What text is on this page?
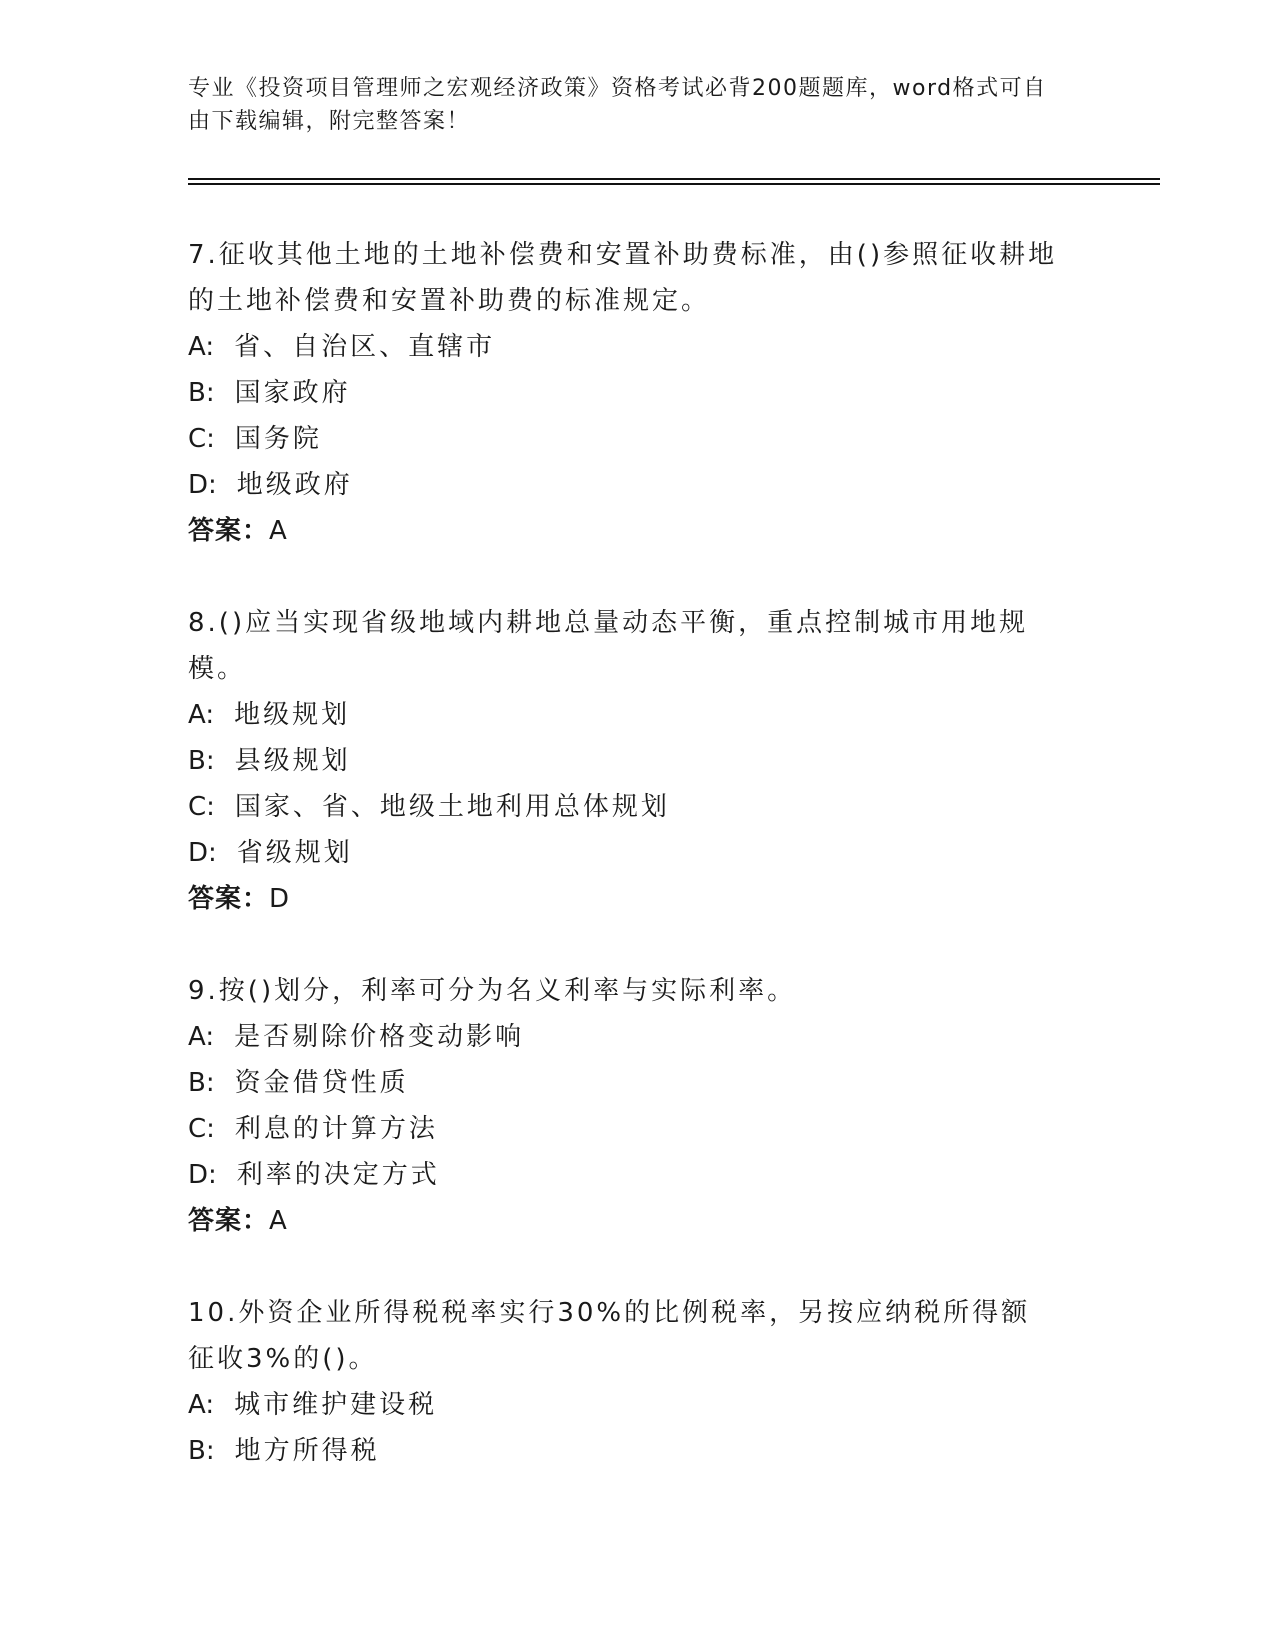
专业《投资项目管理师之宏观经济政策》资格考试必背200题题库，word格式可自由下载编辑，附完整答案！

7.征收其他土地的土地补偿费和安置补助费标准，由()参照征收耕地的土地补偿费和安置补助费的标准规定。

A: 省、自治区、直辖市

B: 国家政府

C: 国务院

D: 地级政府

答案：A

8.()应当实现省级地域内耕地总量动态平衡，重点控制城市用地规模。

A: 地级规划

B: 县级规划

C: 国家、省、地级土地利用总体规划

D: 省级规划

答案：D

9.按()划分，利率可分为名义利率与实际利率。

A: 是否剔除价格变动影响

B: 资金借贷性质

C: 利息的计算方法

D: 利率的决定方式

答案：A

10.外资企业所得税税率实行30%的比例税率，另按应纳税所得额征收3%的()。

A: 城市维护建设税

B: 地方所得税
